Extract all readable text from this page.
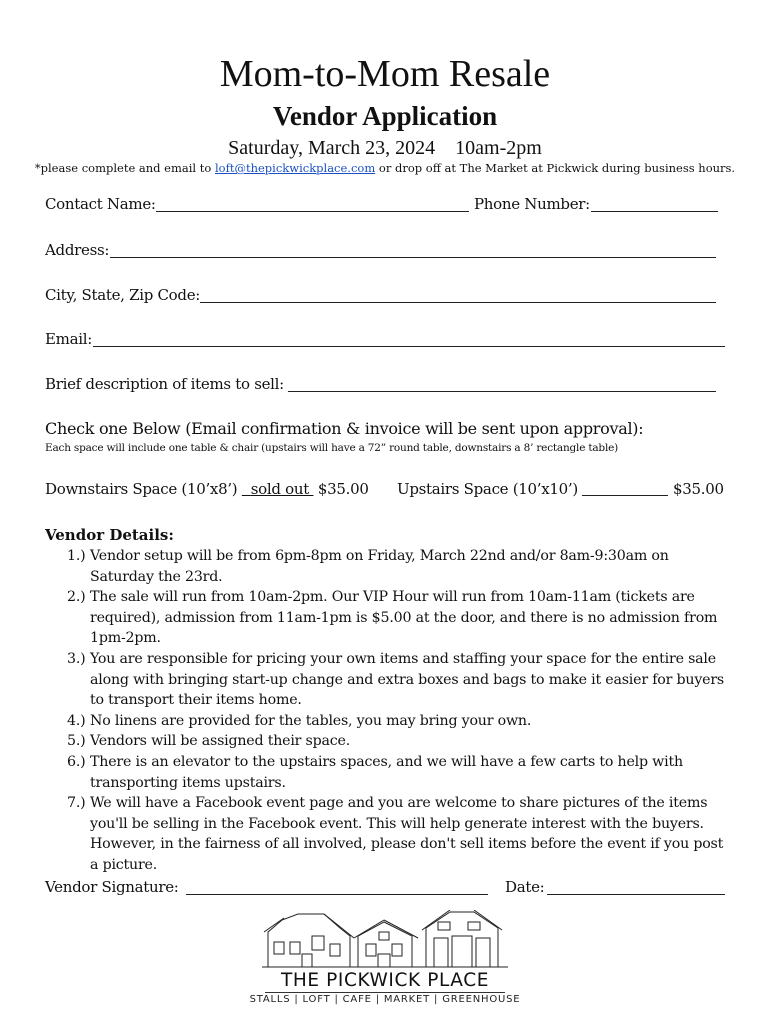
Mom-to-Mom Resale
Vendor Application
Saturday, March 23, 2024 10am-2pm
*please complete and email to loft@thepickwickplace.com or drop off at The Market at Pickwick during business hours.
Contact Name:	Phone Number:
Address:
City, State, Zip Code:
Email:
Brief description of items to sell:
Check one Below (Email confirmation & invoice will be sent upon approval):
Each space will include one table & chair (upstairs will have a 72” round table, downstairs a 8’ rectangle table)
Downstairs Space (10’x8’) sold out $35.00 Upstairs Space (10’x10’)	$35.00
Vendor Details:
1.) Vendor setup will be from 6pm-8pm on Friday, March 22nd and/or 8am-9:30am on Saturday the 23rd.
2.) The sale will run from 10am-2pm. Our VIP Hour will run from 10am-11am (tickets are required), admission from 11am-1pm is $5.00 at the door, and there is no admission from 1pm-2pm.
3.) You are responsible for pricing your own items and staffing your space for the entire sale along with bringing start-up change and extra boxes and bags to make it easier for buyers to transport their items home.
4.) No linens are provided for the tables, you may bring your own.
5.) Vendors will be assigned their space.
6.) There is an elevator to the upstairs spaces, and we will have a few carts to help with transporting items upstairs.
7.) We will have a Facebook event page and you are welcome to share pictures of the items you'll be selling in the Facebook event. This will help generate interest with the buyers. However, in the fairness of all involved, please don't sell items before the event if you post a picture.
Vendor Signature:	Date:
THE PICKWICK PLACE
STALLS | LOFT | CAFE | MARKET | GREENHOUSE
